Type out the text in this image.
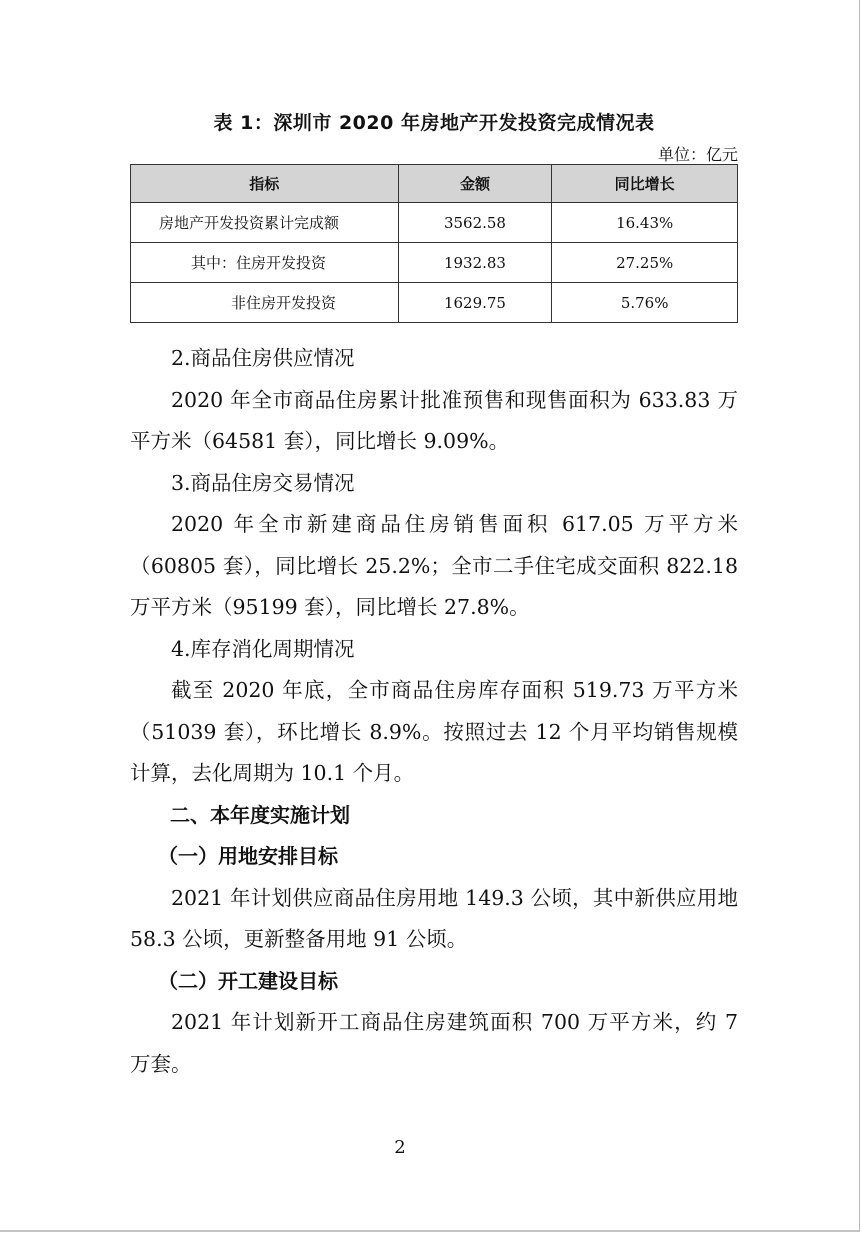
表 1：深圳市 2020 年房地产开发投资完成情况表
单位：亿元
指标	金额	同比增长
房地产开发投资累计完成额	3562.58	16.43%
其中：住房开发投资	1932.83	27.25%
非住房开发投资	1629.75	5.76%

2.商品住房供应情况

2020 年全市商品住房累计批准预售和现售面积为 633.83 万平方米（64581 套），同比增长 9.09%。

3.商品住房交易情况

2020 年全市新建商品住房销售面积 617.05 万平方米（60805 套），同比增长 25.2%；全市二手住宅成交面积 822.18 万平方米（95199 套），同比增长 27.8%。

4.库存消化周期情况

截至 2020 年底，全市商品住房库存面积 519.73 万平方米（51039 套），环比增长 8.9%。按照过去 12 个月平均销售规模计算，去化周期为 10.1 个月。

二、本年度实施计划

（一）用地安排目标

2021 年计划供应商品住房用地 149.3 公顷，其中新供应用地 58.3 公顷，更新整备用地 91 公顷。

（二）开工建设目标

2021 年计划新开工商品住房建筑面积 700 万平方米，约 7 万套。

2
